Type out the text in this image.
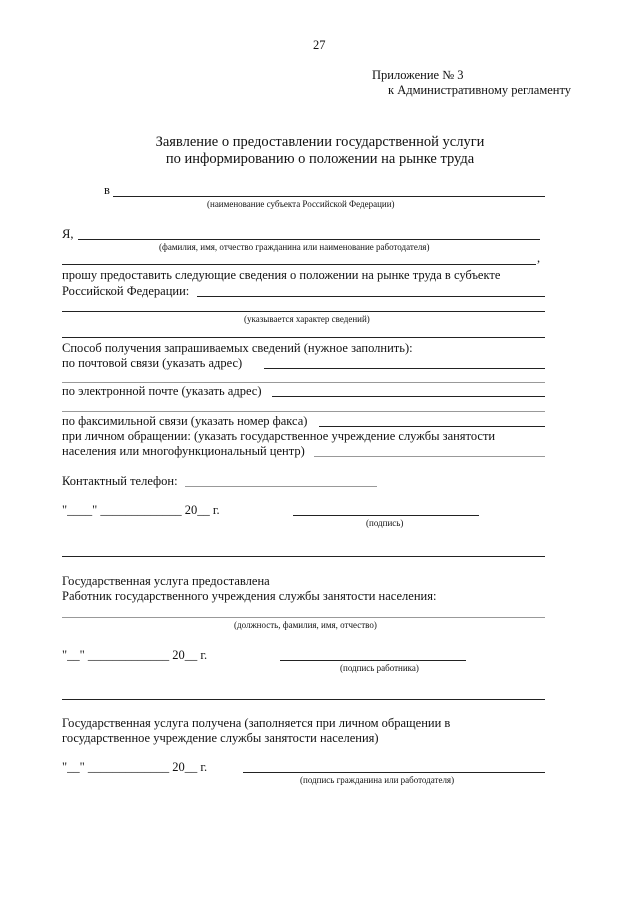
27
Приложение № 3
к Административному регламенту
Заявление о предоставлении государственной услуги
по информированию о положении на рынке труда
в
(наименование субъекта Российской Федерации)
Я,
(фамилия, имя, отчество гражданина или наименование работодателя)
,
прошу предоставить следующие сведения о положении на рынке труда в субъекте
Российской Федерации:
(указывается характер сведений)
Способ получения запрашиваемых сведений (нужное заполнить):
по почтовой связи (указать адрес)
по электронной почте (указать адрес)
по факсимильной связи (указать номер факса)
при личном обращении: (указать государственное учреждение службы занятости
населения или многофункциональный центр)
Контактный телефон:
"____" _____________ 20__ г.
(подпись)
Государственная услуга предоставлена
Работник государственного учреждения службы занятости населения:
(должность, фамилия, имя, отчество)
"__" _____________ 20__ г.
(подпись работника)
Государственная услуга получена (заполняется при личном обращении в
государственное учреждение службы занятости населения)
"__" _____________ 20__ г.
(подпись гражданина или работодателя)
